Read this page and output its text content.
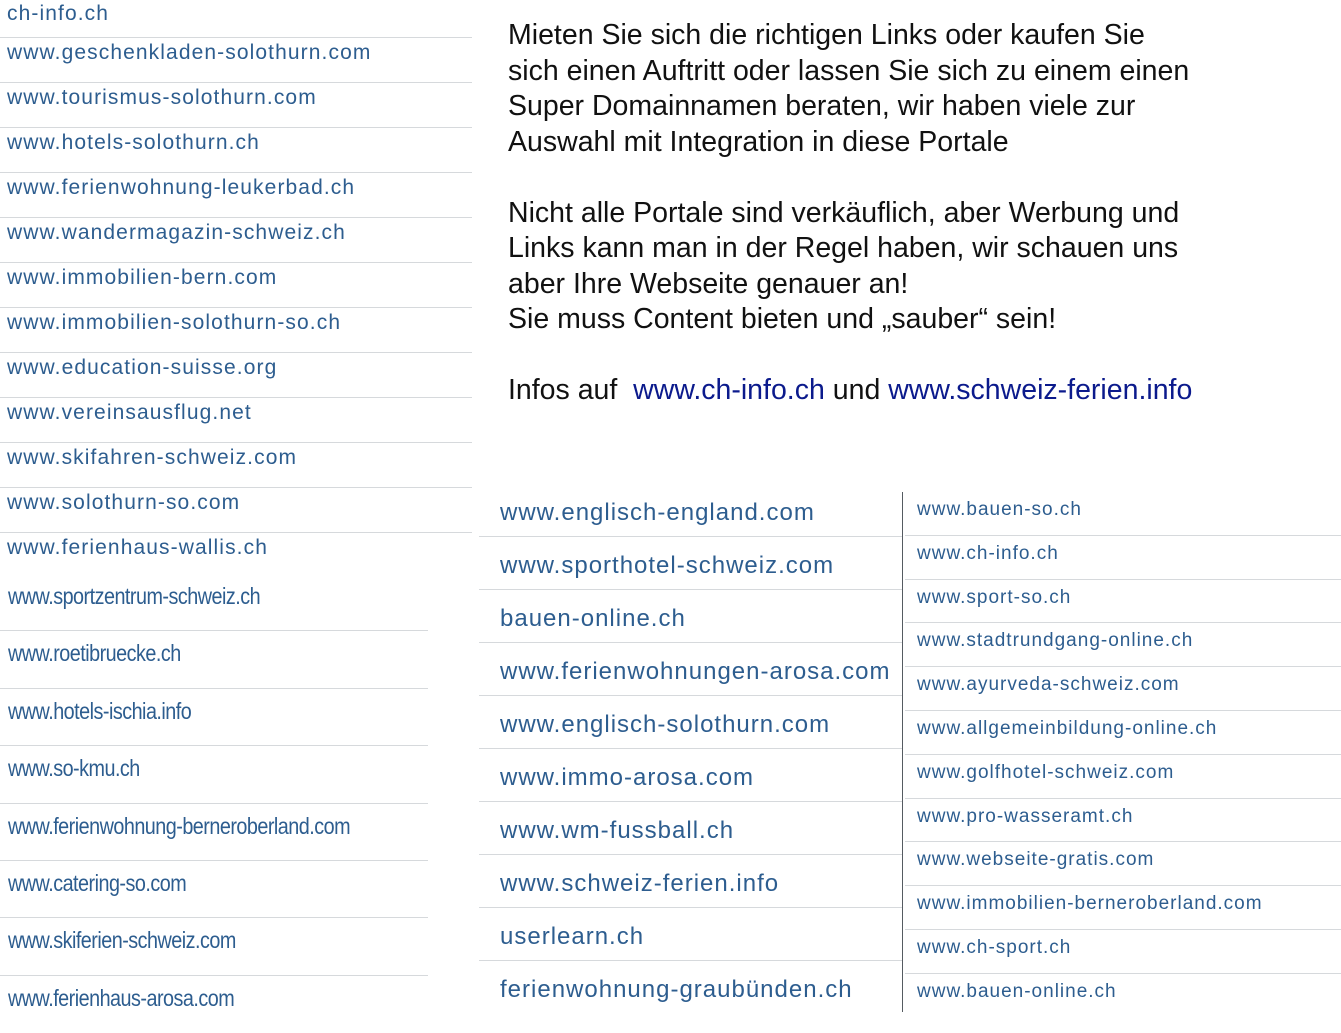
ch-info.ch
www.geschenkladen-solothurn.com
www.tourismus-solothurn.com
www.hotels-solothurn.ch
www.ferienwohnung-leukerbad.ch
www.wandermagazin-schweiz.ch
www.immobilien-bern.com
www.immobilien-solothurn-so.ch
www.education-suisse.org
www.vereinsausflug.net
www.skifahren-schweiz.com
www.solothurn-so.com
www.ferienhaus-wallis.ch
www.sportzentrum-schweiz.ch
www.roetibruecke.ch
www.hotels-ischia.info
www.so-kmu.ch
www.ferienwohnung-berneroberland.com
www.catering-so.com
www.skiferien-schweiz.com
www.ferienhaus-arosa.com
www.englisch-england.com
www.sporthotel-schweiz.com
bauen-online.ch
www.ferienwohnungen-arosa.com
www.englisch-solothurn.com
www.immo-arosa.com
www.wm-fussball.ch
www.schweiz-ferien.info
userlearn.ch
ferienwohnung-graubünden.ch
www.bauen-so.ch
www.ch-info.ch
www.sport-so.ch
www.stadtrundgang-online.ch
www.ayurveda-schweiz.com
www.allgemeinbildung-online.ch
www.golfhotel-schweiz.com
www.pro-wasseramt.ch
www.webseite-gratis.com
www.immobilien-berneroberland.com
www.ch-sport.ch
www.bauen-online.ch

Mieten Sie sich die richtigen Links oder kaufen Sie

sich einen Auftritt oder lassen Sie sich zu einem einen

Super Domainnamen beraten, wir haben viele zur

Auswahl mit Integration in diese Portale

Nicht alle Portale sind verkäuflich, aber Werbung und

Links kann man in der Regel haben, wir schauen uns

aber Ihre Webseite genauer an!

Sie muss Content bieten und „sauber“ sein!

Infos auf  www.ch-info.ch und www.schweiz-ferien.info
